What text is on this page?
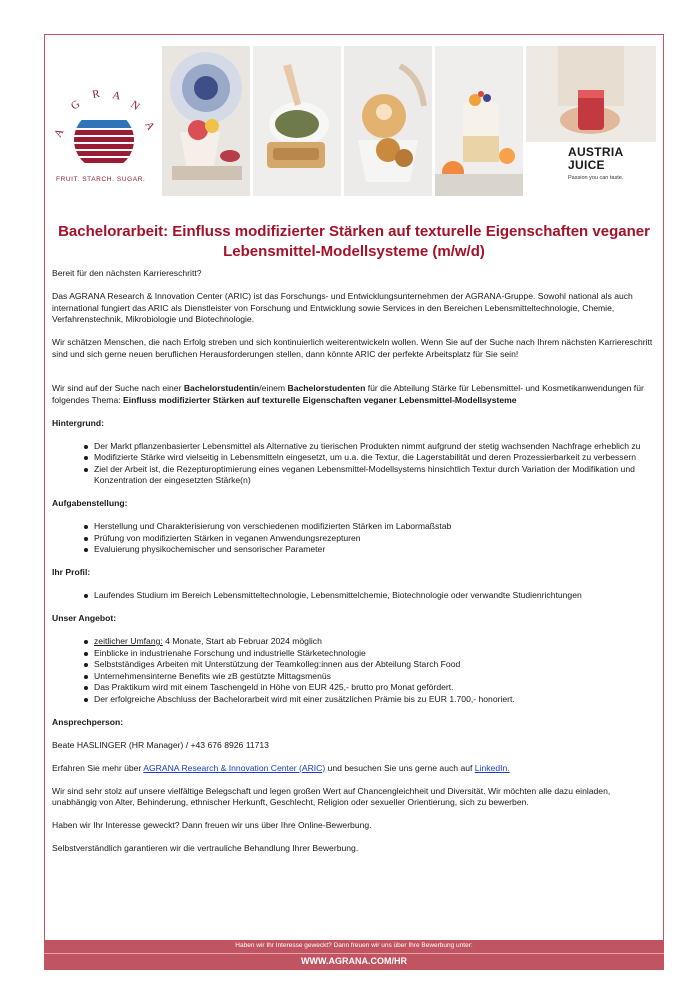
A
G
R A
N
A
FRUIT. STARCH. SUGAR.
AUSTRIA
JUICE
Passion you can taste.
Bachelorarbeit: Einfluss modifizierter Stärken auf texturelle Eigenschaften veganer Lebensmittel-Modellsysteme (m/w/d)

Bereit für den nächsten Karriereschritt?

Das AGRANA Research & Innovation Center (ARIC) ist das Forschungs- und Entwicklungsunternehmen der AGRANA-Gruppe. Sowohl national als auch international fungiert das ARIC als Dienstleister von Forschung und Entwicklung sowie Services in den Bereichen Lebensmitteltechnologie, Chemie, Verfahrenstechnik, Mikrobiologie und Biotechnologie.

Wir schätzen Menschen, die nach Erfolg streben und sich kontinuierlich weiterentwickeln wollen. Wenn Sie auf der Suche nach Ihrem nächsten Karriereschritt sind und sich gerne neuen beruflichen Herausforderungen stellen, dann könnte ARIC der perfekte Arbeitsplatz für Sie sein!

Wir sind auf der Suche nach einer Bachelorstudentin/einem Bachelorstudenten für die Abteilung Stärke für Lebensmittel- und Kosmetikanwendungen für folgendes Thema: Einfluss modifizierter Stärken auf texturelle Eigenschaften veganer Lebensmittel-Modellsysteme

Hintergrund:

Der Markt pflanzenbasierter Lebensmittel als Alternative zu tierischen Produkten nimmt aufgrund der stetig wachsenden Nachfrage erheblich zu
Modifizierte Stärke wird vielseitig in Lebensmitteln eingesetzt, um u.a. die Textur, die Lagerstabilität und deren Prozessierbarkeit zu verbessern
Ziel der Arbeit ist, die Rezepturoptimierung eines veganen Lebensmittel-Modellsystems hinsichtlich Textur durch Variation der Modifikation und Konzentration der eingesetzten Stärke(n)

Aufgabenstellung:

Herstellung und Charakterisierung von verschiedenen modifizierten Stärken im Labormaßstab
Prüfung von modifizierten Stärken in veganen Anwendungsrezepturen
Evaluierung physikochemischer und sensorischer Parameter

Ihr Profil:

Laufendes Studium im Bereich Lebensmitteltechnologie, Lebensmittelchemie, Biotechnologie oder verwandte Studienrichtungen

Unser Angebot:

zeitlicher Umfang: 4 Monate, Start ab Februar 2024 möglich
Einblicke in industrienahe Forschung und industrielle Stärketechnologie
Selbstständiges Arbeiten mit Unterstützung der Teamkolleg:innen aus der Abteilung Starch Food
Unternehmensinterne Benefits wie zB gestützte Mittagsmenüs
Das Praktikum wird mit einem Taschengeld in Höhe von EUR 425,- brutto pro Monat gefördert.
Der erfolgreiche Abschluss der Bachelorarbeit wird mit einer zusätzlichen Prämie bis zu EUR 1.700,- honoriert.

Ansprechperson:

Beate HASLINGER (HR Manager) / +43 676 8926 11713

Erfahren Sie mehr über AGRANA Research & Innovation Center (ARIC) und besuchen Sie uns gerne auch auf LinkedIn.

Wir sind sehr stolz auf unsere vielfältige Belegschaft und legen großen Wert auf Chancengleichheit und Diversität. Wir möchten alle dazu einladen, unabhängig von Alter, Behinderung, ethnischer Herkunft, Geschlecht, Religion oder sexueller Orientierung, sich zu bewerben.

Haben wir Ihr Interesse geweckt? Dann freuen wir uns über Ihre Online-Bewerbung.

Selbstverständlich garantieren wir die vertrauliche Behandlung Ihrer Bewerbung.

Haben wir Ihr Interesse geweckt? Dann freuen wir uns über Ihre Bewerbung unter:
WWW.AGRANA.COM/HR
